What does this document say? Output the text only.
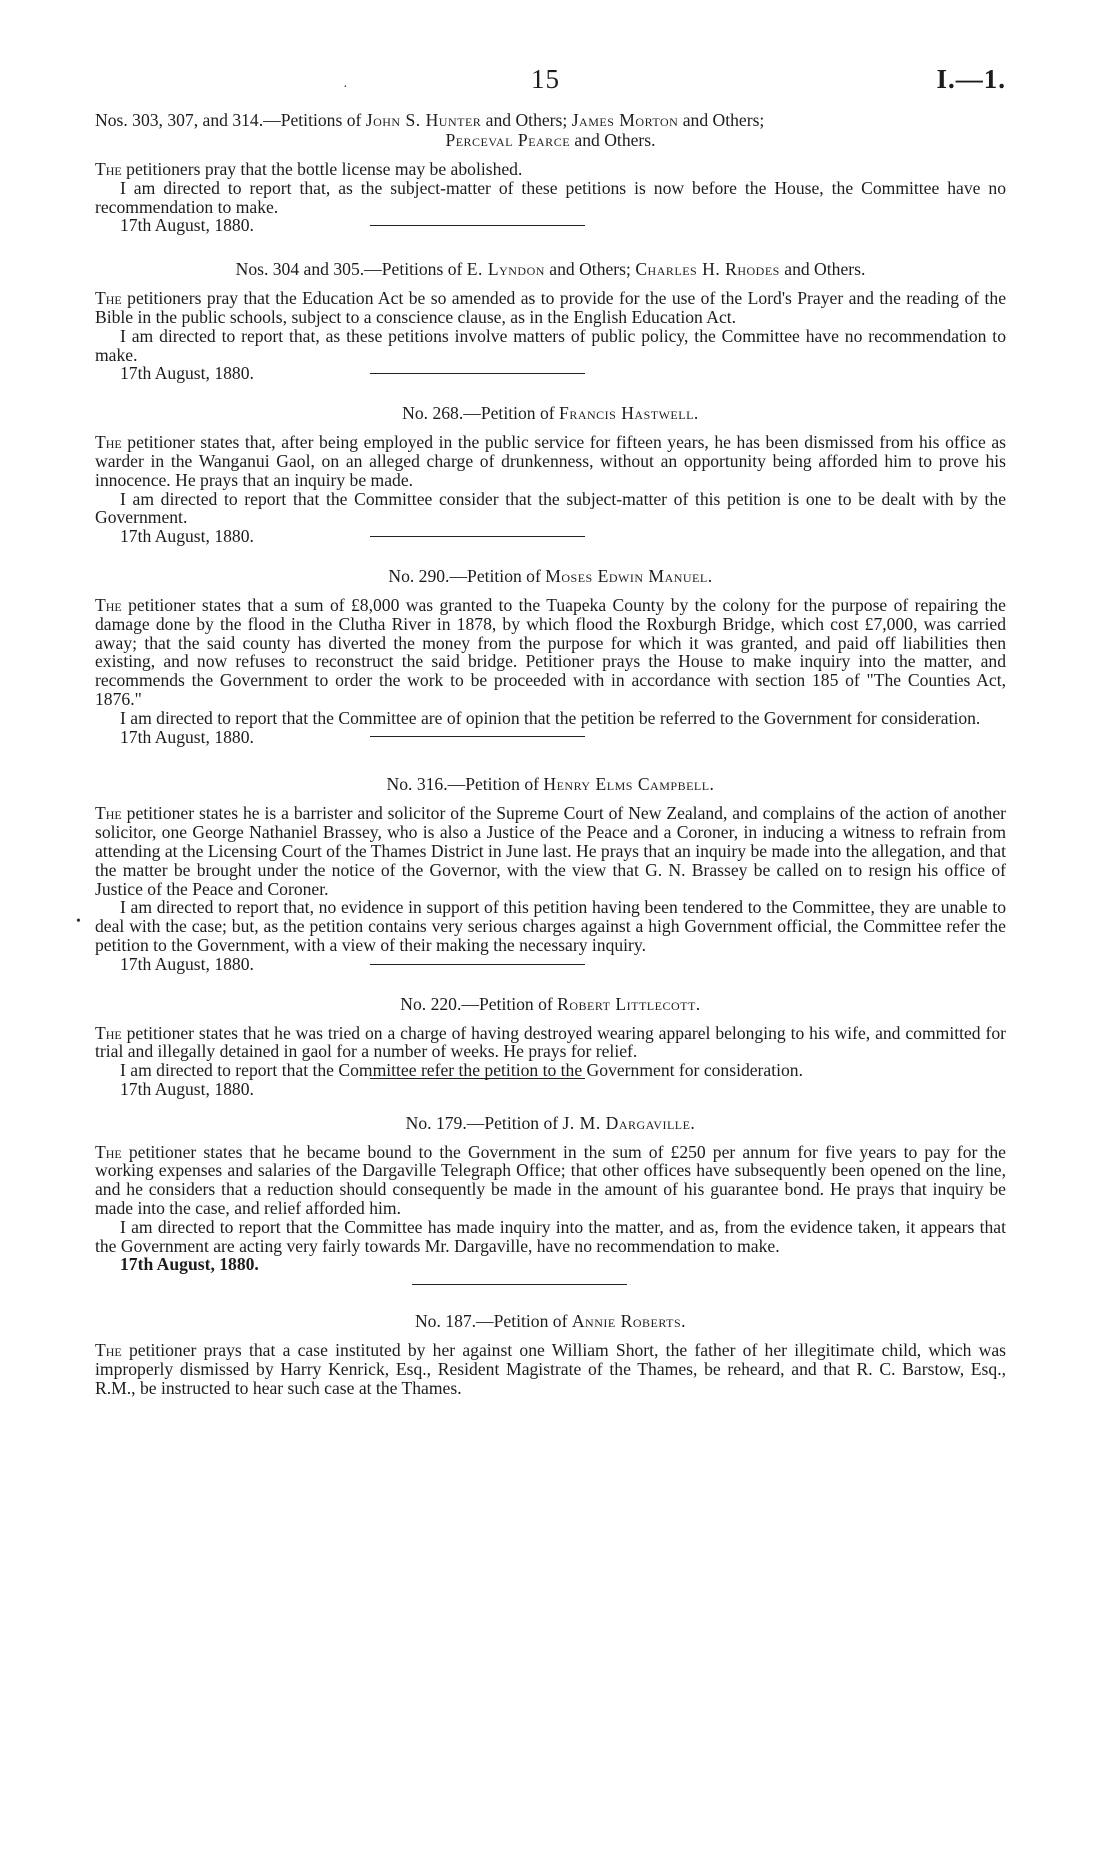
·
•
15	I.—1.
Nos. 303, 307, and 314.—Petitions of John S. Hunter and Others; James Morton and Others;
Perceval Pearce and Others.

The petitioners pray that the bottle license may be abolished.

I am directed to report that, as the subject-matter of these petitions is now before the House, the Committee have no recommendation to make.

17th August, 1880.
Nos. 304 and 305.—Petitions of E. Lyndon and Others; Charles H. Rhodes and Others.

The petitioners pray that the Education Act be so amended as to provide for the use of the Lord's Prayer and the reading of the Bible in the public schools, subject to a conscience clause, as in the English Education Act.

I am directed to report that, as these petitions involve matters of public policy, the Committee have no recommendation to make.

17th August, 1880.
No. 268.—Petition of Francis Hastwell.

The petitioner states that, after being employed in the public service for fifteen years, he has been dismissed from his office as warder in the Wanganui Gaol, on an alleged charge of drunkenness, without an opportunity being afforded him to prove his innocence. He prays that an inquiry be made.

I am directed to report that the Committee consider that the subject-matter of this petition is one to be dealt with by the Government.

17th August, 1880.
No. 290.—Petition of Moses Edwin Manuel.

The petitioner states that a sum of £8,000 was granted to the Tuapeka County by the colony for the purpose of repairing the damage done by the flood in the Clutha River in 1878, by which flood the Roxburgh Bridge, which cost £7,000, was carried away; that the said county has diverted the money from the purpose for which it was granted, and paid off liabilities then existing, and now refuses to reconstruct the said bridge. Petitioner prays the House to make inquiry into the matter, and recommends the Government to order the work to be proceeded with in accordance with section 185 of "The Counties Act, 1876."

I am directed to report that the Committee are of opinion that the petition be referred to the Government for consideration.

17th August, 1880.
No. 316.—Petition of Henry Elms Campbell.

The petitioner states he is a barrister and solicitor of the Supreme Court of New Zealand, and complains of the action of another solicitor, one George Nathaniel Brassey, who is also a Justice of the Peace and a Coroner, in inducing a witness to refrain from attending at the Licensing Court of the Thames District in June last. He prays that an inquiry be made into the allegation, and that the matter be brought under the notice of the Governor, with the view that G. N. Brassey be called on to resign his office of Justice of the Peace and Coroner.

I am directed to report that, no evidence in support of this petition having been tendered to the Committee, they are unable to deal with the case; but, as the petition contains very serious charges against a high Government official, the Committee refer the petition to the Government, with a view of their making the necessary inquiry.

17th August, 1880.
No. 220.—Petition of Robert Littlecott.

The petitioner states that he was tried on a charge of having destroyed wearing apparel belonging to his wife, and committed for trial and illegally detained in gaol for a number of weeks. He prays for relief.

I am directed to report that the Committee refer the petition to the Government for consideration.

17th August, 1880.
No. 179.—Petition of J. M. Dargaville.

The petitioner states that he became bound to the Government in the sum of £250 per annum for five years to pay for the working expenses and salaries of the Dargaville Telegraph Office; that other offices have subsequently been opened on the line, and he considers that a reduction should consequently be made in the amount of his guarantee bond. He prays that inquiry be made into the case, and relief afforded him.

I am directed to report that the Committee has made inquiry into the matter, and as, from the evidence taken, it appears that the Government are acting very fairly towards Mr. Dargaville, have no recommendation to make.

17th August, 1880.
No. 187.—Petition of Annie Roberts.

The petitioner prays that a case instituted by her against one William Short, the father of her illegitimate child, which was improperly dismissed by Harry Kenrick, Esq., Resident Magistrate of the Thames, be reheard, and that R. C. Barstow, Esq., R.M., be instructed to hear such case at the Thames.
